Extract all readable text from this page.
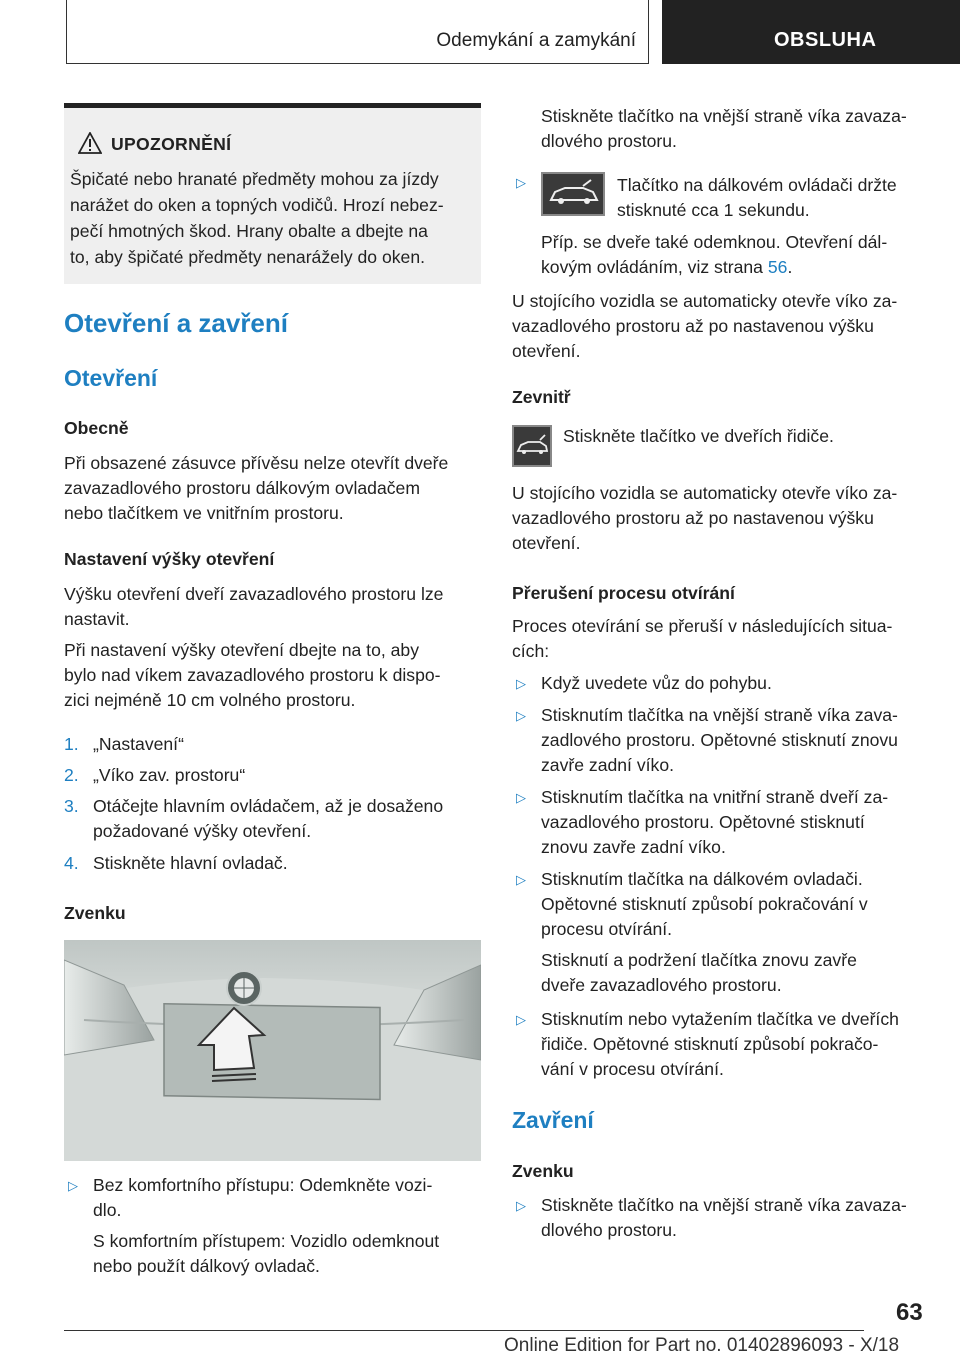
Odemykání a zamykání	OBSLUHA
UPOZORNĚNÍ
Špičaté nebo hranaté předměty mohou za jízdy
narážet do oken a topných vodičů. Hrozí nebez-
pečí hmotných škod. Hrany obalte a dbejte na
to, aby špičaté předměty nenarážely do oken.
Otevření a zavření
Otevření
Obecně
Při obsazené zásuvce přívěsu nelze otevřít dveře
zavazadlového prostoru dálkovým ovladačem
nebo tlačítkem ve vnitřním prostoru.
Nastavení výšky otevření
Výšku otevření dveří zavazadlového prostoru lze
nastavit.
Při nastavení výšky otevření dbejte na to, aby
bylo nad víkem zavazadlového prostoru k dispo-
zici nejméně 10 cm volného prostoru.
1. „Nastavení“
2. „Víko zav. prostoru“
3. Otáčejte hlavním ovládačem, až je dosaženo
požadované výšky otevření.
4. Stiskněte hlavní ovladač.
Zvenku
▷ Bez komfortního přístupu: Odemkněte vozi-
dlo.
S komfortním přístupem: Vozidlo odemknout
nebo použít dálkový ovladač.
Stiskněte tlačítko na vnější straně víka zavaza-
dlového prostoru.
▷	Tlačítko na dálkovém ovládači držte
stisknuté cca 1 sekundu.
Příp. se dveře také odemknou. Otevření dál-
kovým ovládáním, viz strana 56.
U stojícího vozidla se automaticky otevře víko za-
vazadlového prostoru až po nastavenou výšku
otevření.
Zevnitř
Stiskněte tlačítko ve dveřích řidiče.
U stojícího vozidla se automaticky otevře víko za-
vazadlového prostoru až po nastavenou výšku
otevření.
Přerušení procesu otvírání
Proces otevírání se přeruší v následujících situa-
cích:
▷ Když uvedete vůz do pohybu.
▷ Stisknutím tlačítka na vnější straně víka zava-
zadlového prostoru. Opětovné stisknutí znovu
zavře zadní víko.
▷ Stisknutím tlačítka na vnitřní straně dveří za-
vazadlového prostoru. Opětovné stisknutí
znovu zavře zadní víko.
▷ Stisknutím tlačítka na dálkovém ovladači.
Opětovné stisknutí způsobí pokračování v
procesu otvírání.
Stisknutí a podržení tlačítka znovu zavře
dveře zavazadlového prostoru.
▷ Stisknutím nebo vytažením tlačítka ve dveřích
řidiče. Opětovné stisknutí způsobí pokračo-
vání v procesu otvírání.
Zavření
Zvenku
▷ Stiskněte tlačítko na vnější straně víka zavaza-
dlového prostoru.
63
Online Edition for Part no. 01402896093 - X/18
